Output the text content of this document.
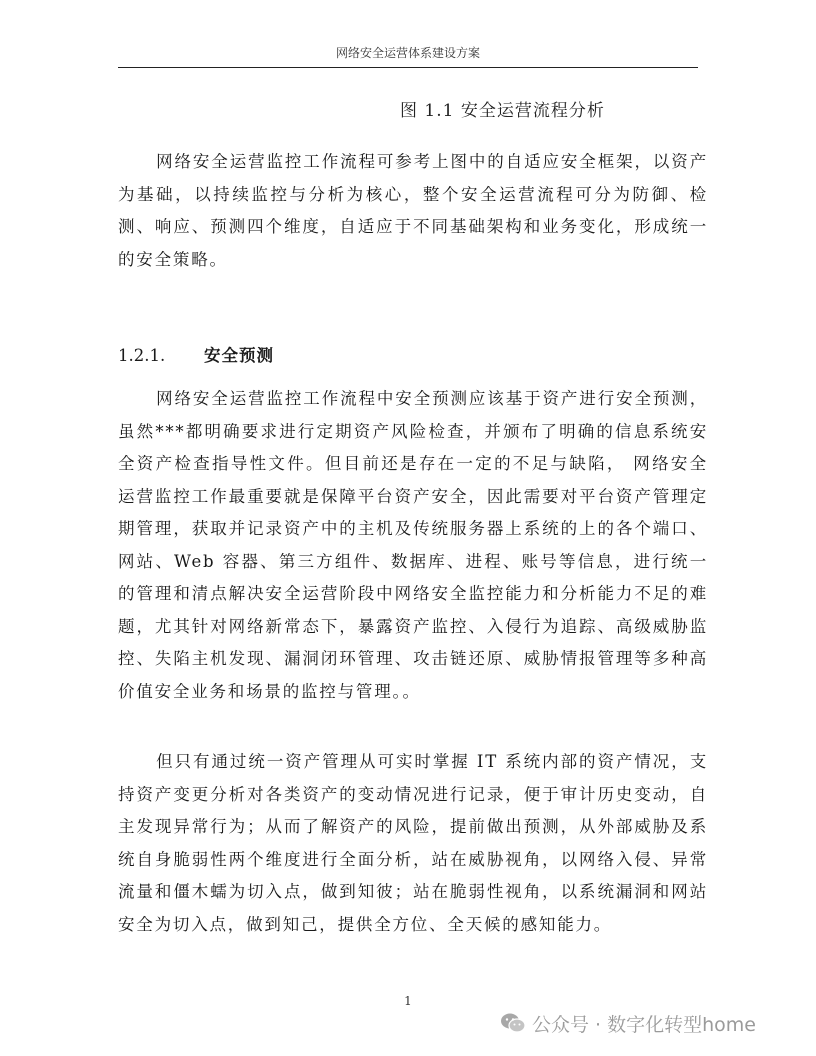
网络安全运营体系建设方案
图 1.1 安全运营流程分析

网络安全运营监控工作流程可参考上图中的自适应安全框架，以资产为基础，以持续监控与分析为核心，整个安全运营流程可分为防御、检测、响应、预测四个维度，自适应于不同基础架构和业务变化，形成统一的安全策略。

1.2.1. 安全预测

网络安全运营监控工作流程中安全预测应该基于资产进行安全预测，虽然***都明确要求进行定期资产风险检查，并颁布了明确的信息系统安全资产检查指导性文件。但目前还是存在一定的不足与缺陷， 网络安全运营监控工作最重要就是保障平台资产安全，因此需要对平台资产管理定期管理，获取并记录资产中的主机及传统服务器上系统的上的各个端口、网站、Web 容器、第三方组件、数据库、进程、账号等信息，进行统一的管理和清点解决安全运营阶段中网络安全监控能力和分析能力不足的难题，尤其针对网络新常态下，暴露资产监控、入侵行为追踪、高级威胁监控、失陷主机发现、漏洞闭环管理、攻击链还原、威胁情报管理等多种高价值安全业务和场景的监控与管理。。

但只有通过统一资产管理从可实时掌握 IT 系统内部的资产情况，支持资产变更分析对各类资产的变动情况进行记录，便于审计历史变动，自主发现异常行为；从而了解资产的风险，提前做出预测，从外部威胁及系统自身脆弱性两个维度进行全面分析，站在威胁视角，以网络入侵、异常流量和僵木蠕为切入点，做到知彼；站在脆弱性视角，以系统漏洞和网站安全为切入点，做到知己，提供全方位、全天候的感知能力。

1
公众号 · 数字化转型home
